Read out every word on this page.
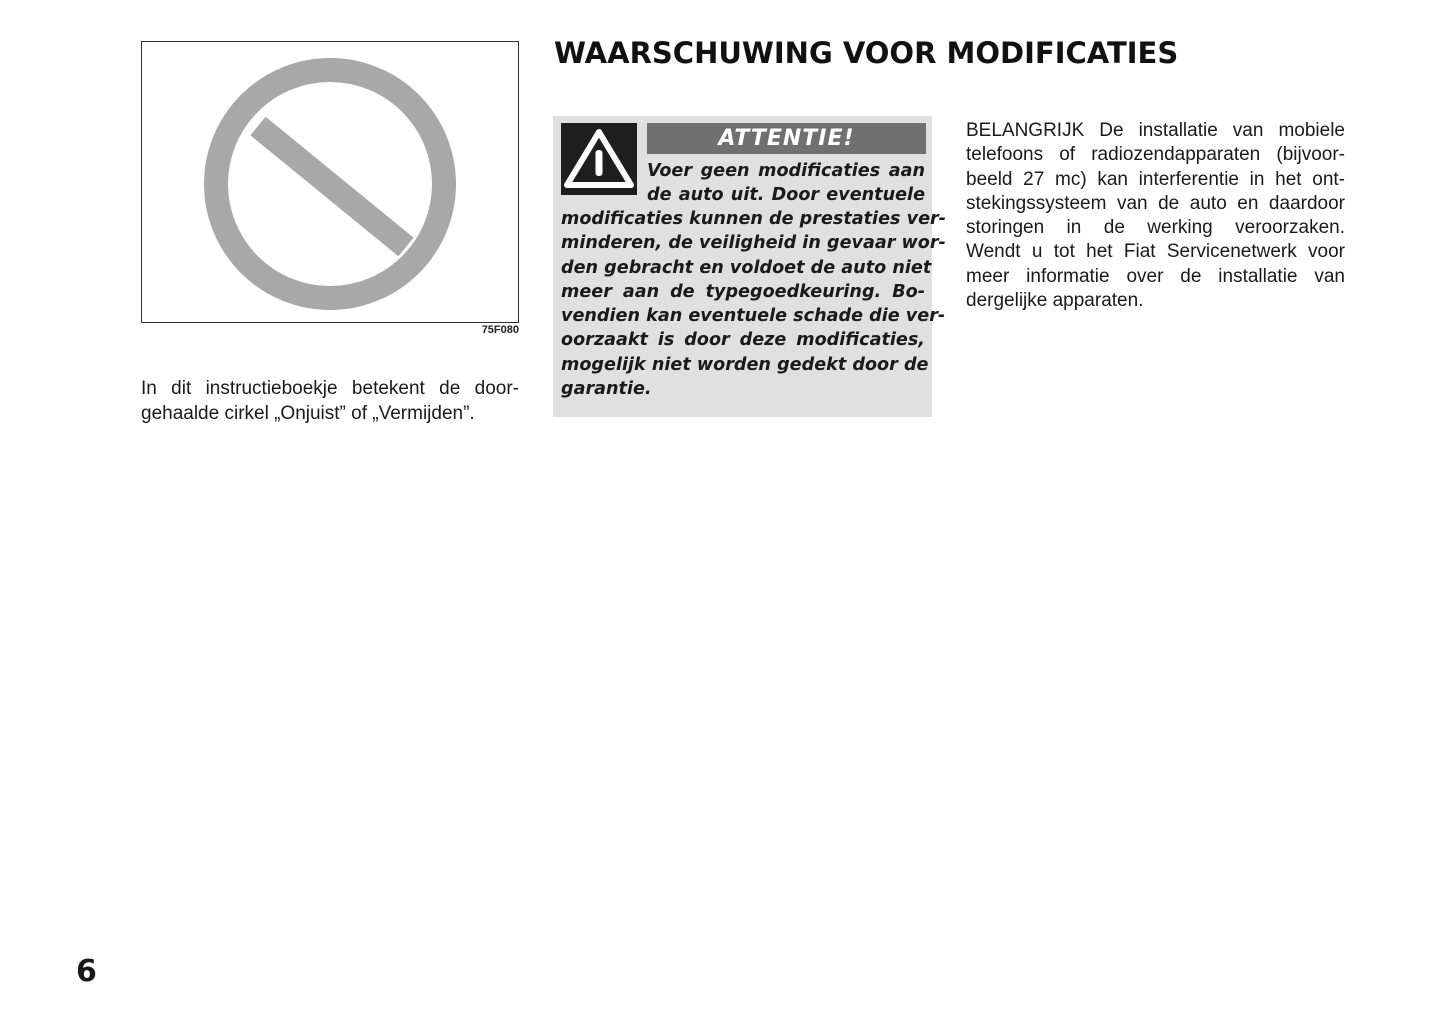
75F080
In dit instructieboekje betekent de door-
gehaalde cirkel „Onjuist” of „Vermijden”.
WAARSCHUWING VOOR MODIFICATIES
ATTENTIE!
Voer geen modificaties aan
de auto uit. Door eventuele
modificaties kunnen de prestaties ver-
minderen, de veiligheid in gevaar wor-
den gebracht en voldoet de auto niet
meer aan de typegoedkeuring. Bo-
vendien kan eventuele schade die ver-
oorzaakt is door deze modificaties,
mogelijk niet worden gedekt door de
garantie.
BELANGRIJK De installatie van mobiele
telefoons of radiozendapparaten (bijvoor-
beeld 27 mc) kan interferentie in het ont-
stekingssysteem van de auto en daardoor
storingen in de werking veroorzaken.
Wendt u tot het Fiat Servicenetwerk voor
meer informatie over de installatie van
dergelijke apparaten.
6
